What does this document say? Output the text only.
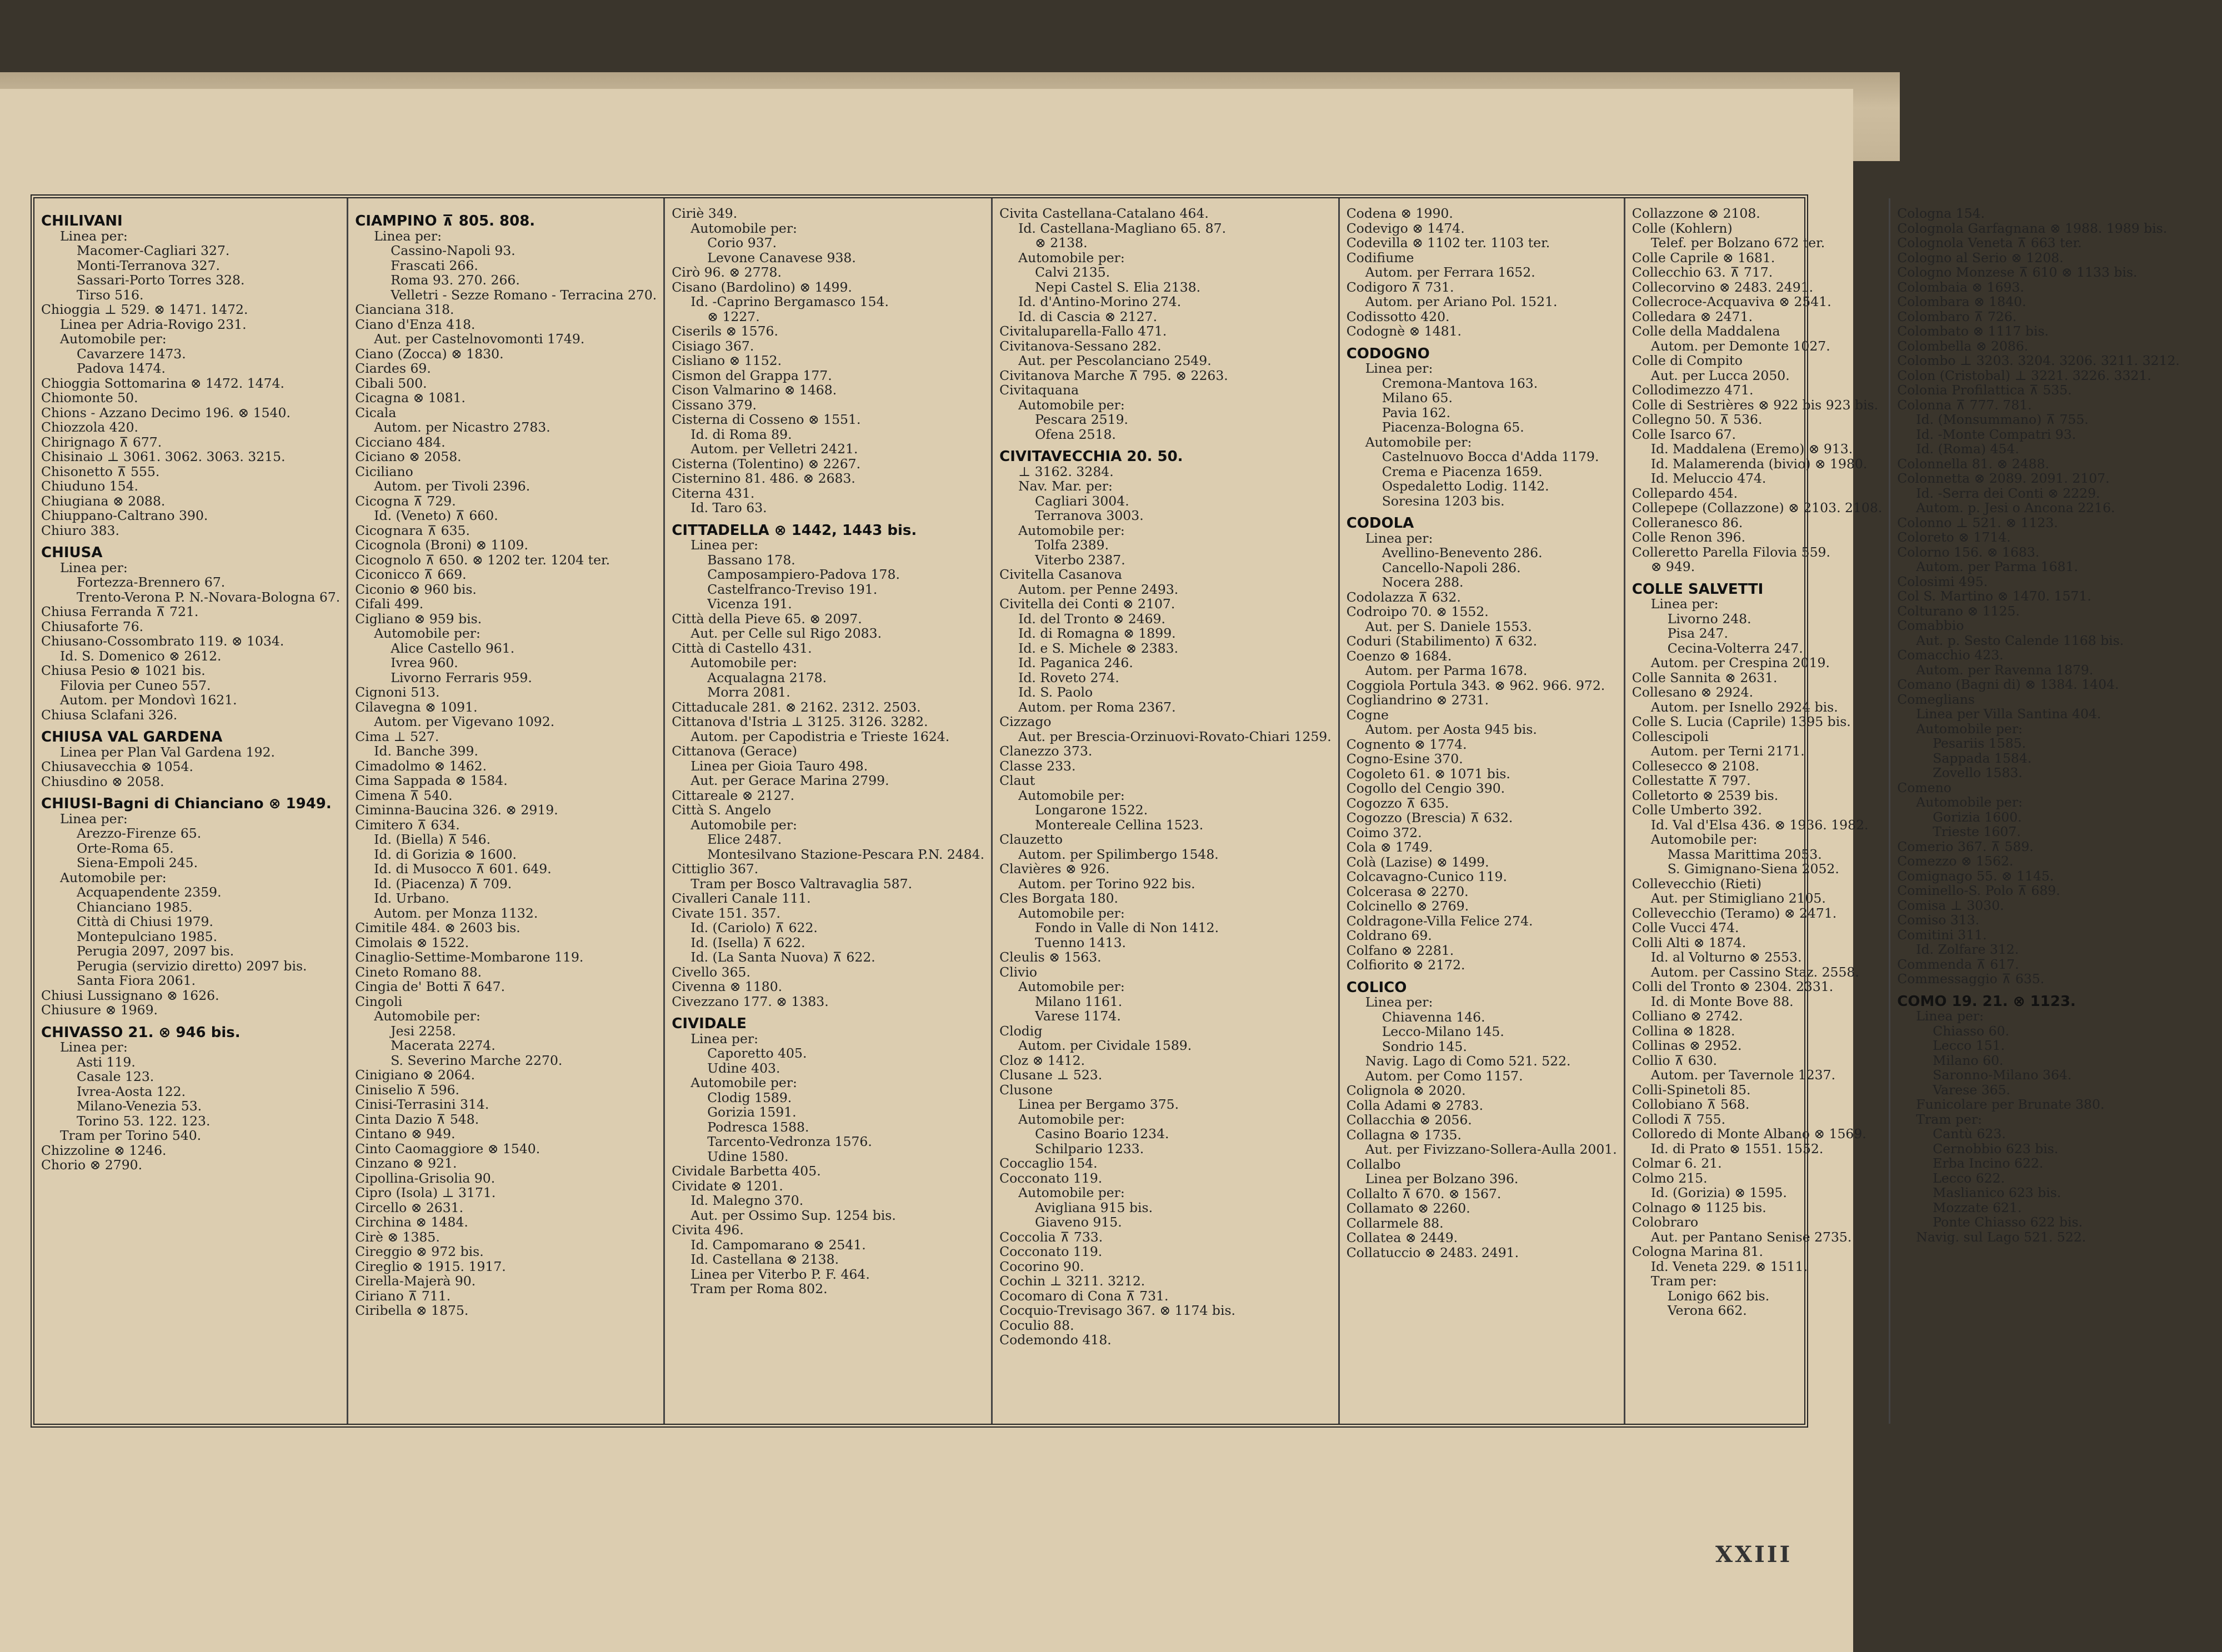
CHILIVANI
Linea per:
Macomer-Cagliari 327.
Monti-Terranova 327.
Sassari-Porto Torres 328.
Tirso 516.
Chioggia ⊥ 529. ⊗ 1471. 1472.
Linea per Adria-Rovigo 231.
Automobile per:
Cavarzere 1473.
Padova 1474.
Chioggia Sottomarina ⊗ 1472. 1474.
Chiomonte 50.
Chions - Azzano Decimo 196. ⊗ 1540.
Chiozzola 420.
Chirignago ⊼ 677.
Chisinaio ⊥ 3061. 3062. 3063. 3215.
Chisonetto ⊼ 555.
Chiuduno 154.
Chiugiana ⊗ 2088.
Chiuppano-Caltrano 390.
Chiuro 383.
CHIUSA
Linea per:
Fortezza-Brennero 67.
Trento-Verona P. N.-Novara-Bologna 67.
Chiusa Ferranda ⊼ 721.
Chiusaforte 76.
Chiusano-Cossombrato 119. ⊗ 1034.
Id. S. Domenico ⊗ 2612.
Chiusa Pesio ⊗ 1021 bis.
Filovia per Cuneo 557.
Autom. per Mondovì 1621.
Chiusa Sclafani 326.
CHIUSA VAL GARDENA
Linea per Plan Val Gardena 192.
Chiusavecchia ⊗ 1054.
Chiusdino ⊗ 2058.
CHIUSI-Bagni di Chianciano ⊗ 1949.
Linea per:
Arezzo-Firenze 65.
Orte-Roma 65.
Siena-Empoli 245.
Automobile per:
Acquapendente 2359.
Chianciano 1985.
Città di Chiusi 1979.
Montepulciano 1985.
Perugia 2097, 2097 bis.
Perugia (servizio diretto) 2097 bis.
Santa Fiora 2061.
Chiusi Lussignano ⊗ 1626.
Chiusure ⊗ 1969.
CHIVASSO 21. ⊗ 946 bis.
Linea per:
Asti 119.
Casale 123.
Ivrea-Aosta 122.
Milano-Venezia 53.
Torino 53. 122. 123.
Tram per Torino 540.
Chizzoline ⊗ 1246.
Chorio ⊗ 2790.
CIAMPINO ⊼ 805. 808.
Linea per:
Cassino-Napoli 93.
Frascati 266.
Roma 93. 270. 266.
Velletri - Sezze Romano - Terracina 270.
Cianciana 318.
Ciano d'Enza 418.
Aut. per Castelnovomonti 1749.
Ciano (Zocca) ⊗ 1830.
Ciardes 69.
Cibali 500.
Cicagna ⊗ 1081.
Cicala
Autom. per Nicastro 2783.
Cicciano 484.
Ciciano ⊗ 2058.
Ciciliano
Autom. per Tivoli 2396.
Cicogna ⊼ 729.
Id. (Veneto) ⊼ 660.
Cicognara ⊼ 635.
Cicognola (Broni) ⊗ 1109.
Cicognolo ⊼ 650. ⊗ 1202 ter. 1204 ter.
Ciconicco ⊼ 669.
Ciconio ⊗ 960 bis.
Cifali 499.
Cigliano ⊗ 959 bis.
Automobile per:
Alice Castello 961.
Ivrea 960.
Livorno Ferraris 959.
Cignoni 513.
Cilavegna ⊗ 1091.
Autom. per Vigevano 1092.
Cima ⊥ 527.
Id. Banche 399.
Cimadolmo ⊗ 1462.
Cima Sappada ⊗ 1584.
Cimena ⊼ 540.
Ciminna-Baucina 326. ⊗ 2919.
Cimitero ⊼ 634.
Id. (Biella) ⊼ 546.
Id. di Gorizia ⊗ 1600.
Id. di Musocco ⊼ 601. 649.
Id. (Piacenza) ⊼ 709.
Id. Urbano.
Autom. per Monza 1132.
Cimitile 484. ⊗ 2603 bis.
Cimolais ⊗ 1522.
Cinaglio-Settime-Mombarone 119.
Cineto Romano 88.
Cingia de' Botti ⊼ 647.
Cingoli
Automobile per:
Jesi 2258.
Macerata 2274.
S. Severino Marche 2270.
Cinigiano ⊗ 2064.
Ciniselio ⊼ 596.
Cinisi-Terrasini 314.
Cinta Dazio ⊼ 548.
Cintano ⊗ 949.
Cinto Caomaggiore ⊗ 1540.
Cinzano ⊗ 921.
Cipollina-Grisolia 90.
Cipro (Isola) ⊥ 3171.
Circello ⊗ 2631.
Circhina ⊗ 1484.
Cirè ⊗ 1385.
Cireggio ⊗ 972 bis.
Cireglio ⊗ 1915. 1917.
Cirella-Majerà 90.
Ciriano ⊼ 711.
Ciribella ⊗ 1875.
Ciriè 349.
Automobile per:
Corio 937.
Levone Canavese 938.
Cirò 96. ⊗ 2778.
Cisano (Bardolino) ⊗ 1499.
Id. -Caprino Bergamasco 154.
⊗ 1227.
Ciserils ⊗ 1576.
Cisiago 367.
Cisliano ⊗ 1152.
Cismon del Grappa 177.
Cison Valmarino ⊗ 1468.
Cissano 379.
Cisterna di Cosseno ⊗ 1551.
Id. di Roma 89.
Autom. per Velletri 2421.
Cisterna (Tolentino) ⊗ 2267.
Cisternino 81. 486. ⊗ 2683.
Citerna 431.
Id. Taro 63.
CITTADELLA ⊗ 1442, 1443 bis.
Linea per:
Bassano 178.
Camposampiero-Padova 178.
Castelfranco-Treviso 191.
Vicenza 191.
Città della Pieve 65. ⊗ 2097.
Aut. per Celle sul Rigo 2083.
Città di Castello 431.
Automobile per:
Acqualagna 2178.
Morra 2081.
Cittaducale 281. ⊗ 2162. 2312. 2503.
Cittanova d'Istria ⊥ 3125. 3126. 3282.
Autom. per Capodistria e Trieste 1624.
Cittanova (Gerace)
Linea per Gioia Tauro 498.
Aut. per Gerace Marina 2799.
Cittareale ⊗ 2127.
Città S. Angelo
Automobile per:
Elice 2487.
Montesilvano Stazione-Pescara P.N. 2484.
Cittiglio 367.
Tram per Bosco Valtravaglia 587.
Civalleri Canale 111.
Civate 151. 357.
Id. (Cariolo) ⊼ 622.
Id. (Isella) ⊼ 622.
Id. (La Santa Nuova) ⊼ 622.
Civello 365.
Civenna ⊗ 1180.
Civezzano 177. ⊗ 1383.
CIVIDALE
Linea per:
Caporetto 405.
Udine 403.
Automobile per:
Clodig 1589.
Gorizia 1591.
Podresca 1588.
Tarcento-Vedronza 1576.
Udine 1580.
Cividale Barbetta 405.
Cividate ⊗ 1201.
Id. Malegno 370.
Aut. per Ossimo Sup. 1254 bis.
Civita 496.
Id. Campomarano ⊗ 2541.
Id. Castellana ⊗ 2138.
Linea per Viterbo P. F. 464.
Tram per Roma 802.
Civita Castellana-Catalano 464.
Id. Castellana-Magliano 65. 87.
⊗ 2138.
Automobile per:
Calvi 2135.
Nepi Castel S. Elia 2138.
Id. d'Antino-Morino 274.
Id. di Cascia ⊗ 2127.
Civitaluparella-Fallo 471.
Civitanova-Sessano 282.
Aut. per Pescolanciano 2549.
Civitanova Marche ⊼ 795. ⊗ 2263.
Civitaquana
Automobile per:
Pescara 2519.
Ofena 2518.
CIVITAVECCHIA 20. 50.
⊥ 3162. 3284.
Nav. Mar. per:
Cagliari 3004.
Terranova 3003.
Automobile per:
Tolfa 2389.
Viterbo 2387.
Civitella Casanova
Autom. per Penne 2493.
Civitella dei Conti ⊗ 2107.
Id. del Tronto ⊗ 2469.
Id. di Romagna ⊗ 1899.
Id. e S. Michele ⊗ 2383.
Id. Paganica 246.
Id. Roveto 274.
Id. S. Paolo
Autom. per Roma 2367.
Cizzago
Aut. per Brescia-Orzinuovi-Rovato-Chiari 1259.
Clanezzo 373.
Classe 233.
Claut
Automobile per:
Longarone 1522.
Montereale Cellina 1523.
Clauzetto
Autom. per Spilimbergo 1548.
Clavières ⊗ 926.
Autom. per Torino 922 bis.
Cles Borgata 180.
Automobile per:
Fondo in Valle di Non 1412.
Tuenno 1413.
Cleulis ⊗ 1563.
Clivio
Automobile per:
Milano 1161.
Varese 1174.
Clodig
Autom. per Cividale 1589.
Cloz ⊗ 1412.
Clusane ⊥ 523.
Clusone
Linea per Bergamo 375.
Automobile per:
Casino Boario 1234.
Schilpario 1233.
Coccaglio 154.
Cocconato 119.
Automobile per:
Avigliana 915 bis.
Giaveno 915.
Coccolia ⊼ 733.
Cocconato 119.
Cocorino 90.
Cochin ⊥ 3211. 3212.
Cocomaro di Cona ⊼ 731.
Cocquio-Trevisago 367. ⊗ 1174 bis.
Coculio 88.
Codemondo 418.
Codena ⊗ 1990.
Codevigo ⊗ 1474.
Codevilla ⊗ 1102 ter. 1103 ter.
Codifiume
Autom. per Ferrara 1652.
Codigoro ⊼ 731.
Autom. per Ariano Pol. 1521.
Codissotto 420.
Codognè ⊗ 1481.
CODOGNO
Linea per:
Cremona-Mantova 163.
Milano 65.
Pavia 162.
Piacenza-Bologna 65.
Automobile per:
Castelnuovo Bocca d'Adda 1179.
Crema e Piacenza 1659.
Ospedaletto Lodig. 1142.
Soresina 1203 bis.
CODOLA
Linea per:
Avellino-Benevento 286.
Cancello-Napoli 286.
Nocera 288.
Codolazza ⊼ 632.
Codroipo 70. ⊗ 1552.
Aut. per S. Daniele 1553.
Coduri (Stabilimento) ⊼ 632.
Coenzo ⊗ 1684.
Autom. per Parma 1678.
Coggiola Portula 343. ⊗ 962. 966. 972.
Cogliandrino ⊗ 2731.
Cogne
Autom. per Aosta 945 bis.
Cognento ⊗ 1774.
Cogno-Esine 370.
Cogoleto 61. ⊗ 1071 bis.
Cogollo del Cengio 390.
Cogozzo ⊼ 635.
Cogozzo (Brescia) ⊼ 632.
Coimo 372.
Cola ⊗ 1749.
Colà (Lazise) ⊗ 1499.
Colcavagno-Cunico 119.
Colcerasa ⊗ 2270.
Colcinello ⊗ 2769.
Coldragone-Villa Felice 274.
Coldrano 69.
Colfano ⊗ 2281.
Colfiorito ⊗ 2172.
COLICO
Linea per:
Chiavenna 146.
Lecco-Milano 145.
Sondrio 145.
Navig. Lago di Como 521. 522.
Autom. per Como 1157.
Colignola ⊗ 2020.
Colla Adami ⊗ 2783.
Collacchia ⊗ 2056.
Collagna ⊗ 1735.
Aut. per Fivizzano-Sollera-Aulla 2001.
Collalbo
Linea per Bolzano 396.
Collalto ⊼ 670. ⊗ 1567.
Collamato ⊗ 2260.
Collarmele 88.
Collatea ⊗ 2449.
Collatuccio ⊗ 2483. 2491.
Collazzone ⊗ 2108.
Colle (Kohlern)
Telef. per Bolzano 672 ter.
Colle Caprile ⊗ 1681.
Collecchio 63. ⊼ 717.
Collecorvino ⊗ 2483. 2491.
Collecroce-Acquaviva ⊗ 2541.
Colledara ⊗ 2471.
Colle della Maddalena
Autom. per Demonte 1027.
Colle di Compito
Aut. per Lucca 2050.
Collodimezzo 471.
Colle di Sestrières ⊗ 922 bis 923 bis.
Collegno 50. ⊼ 536.
Colle Isarco 67.
Id. Maddalena (Eremo) ⊗ 913.
Id. Malamerenda (bivio) ⊗ 1980.
Id. Meluccio 474.
Collepardo 454.
Collepepe (Collazzone) ⊗ 2103. 2108.
Colleranesco 86.
Colle Renon 396.
Colleretto Parella Filovia 559.
⊗ 949.
COLLE SALVETTI
Linea per:
Livorno 248.
Pisa 247.
Cecina-Volterra 247.
Autom. per Crespina 2019.
Colle Sannita ⊗ 2631.
Collesano ⊗ 2924.
Autom. per Isnello 2924 bis.
Colle S. Lucia (Caprile) 1395 bis.
Collescipoli
Autom. per Terni 2171.
Collesecco ⊗ 2108.
Collestatte ⊼ 797.
Colletorto ⊗ 2539 bis.
Colle Umberto 392.
Id. Val d'Elsa 436. ⊗ 1936. 1982.
Automobile per:
Massa Marittima 2053.
S. Gimignano-Siena 2052.
Collevecchio (Rieti)
Aut. per Stimigliano 2105.
Collevecchio (Teramo) ⊗ 2471.
Colle Vucci 474.
Colli Alti ⊗ 1874.
Id. al Volturno ⊗ 2553.
Autom. per Cassino Staz. 2558.
Colli del Tronto ⊗ 2304. 2331.
Id. di Monte Bove 88.
Colliano ⊗ 2742.
Collina ⊗ 1828.
Collinas ⊗ 2952.
Collio ⊼ 630.
Autom. per Tavernole 1237.
Colli-Spinetoli 85.
Collobiano ⊼ 568.
Collodi ⊼ 755.
Colloredo di Monte Albano ⊗ 1569.
Id. di Prato ⊗ 1551. 1552.
Colmar 6. 21.
Colmo 215.
Id. (Gorizia) ⊗ 1595.
Colnago ⊗ 1125 bis.
Colobraro
Aut. per Pantano Senise 2735.
Cologna Marina 81.
Id. Veneta 229. ⊗ 1511.
Tram per:
Lonigo 662 bis.
Verona 662.
Cologna 154.
Colognola Garfagnana ⊗ 1988. 1989 bis.
Colognola Veneta ⊼ 663 ter.
Cologno al Serio ⊗ 1208.
Cologno Monzese ⊼ 610 ⊗ 1133 bis.
Colombaia ⊗ 1693.
Colombara ⊗ 1840.
Colombaro ⊼ 726.
Colombato ⊗ 1117 bis.
Colombella ⊗ 2086.
Colombo ⊥ 3203. 3204. 3206. 3211. 3212.
Colon (Cristobal) ⊥ 3221. 3226. 3321.
Colonia Profilattica ⊼ 535.
Colonna ⊼ 777. 781.
Id. (Monsummano) ⊼ 755.
Id. -Monte Compatri 93.
Id. (Roma) 454.
Colonnella 81. ⊗ 2488.
Colonnetta ⊗ 2089. 2091. 2107.
Id. -Serra dei Conti ⊗ 2229.
Autom. p. Jesi o Ancona 2216.
Colonno ⊥ 521. ⊗ 1123.
Coloreto ⊗ 1714.
Colorno 156. ⊗ 1683.
Autom. per Parma 1681.
Colosimi 495.
Col S. Martino ⊗ 1470. 1571.
Colturano ⊗ 1125.
Comabbio
Aut. p. Sesto Calende 1168 bis.
Comacchio 423.
Autom. per Ravenna 1879.
Comano (Bagni di) ⊗ 1384. 1404.
Comeglians
Linea per Villa Santina 404.
Automobile per:
Pesariis 1585.
Sappada 1584.
Zovello 1583.
Comeno
Automobile per:
Gorizia 1600.
Trieste 1607.
Comerio 367. ⊼ 589.
Comezzo ⊗ 1562.
Comignago 55. ⊗ 1145.
Cominello-S. Polo ⊼ 689.
Comisa ⊥ 3030.
Comiso 313.
Comitini 311.
Id. Zolfare 312.
Commenda ⊼ 617.
Commessaggio ⊼ 635.
COMO 19. 21. ⊗ 1123.
Linea per:
Chiasso 60.
Lecco 151.
Milano 60.
Saronno-Milano 364.
Varese 365.
Funicolare per Brunate 380.
Tram per:
Cantù 623.
Cernobbio 623 bis.
Erba Incino 622.
Lecco 622.
Maslianico 623 bis.
Mozzate 621.
Ponte Chiasso 622 bis.
Navig. sul Lago 521. 522.
XXIII
